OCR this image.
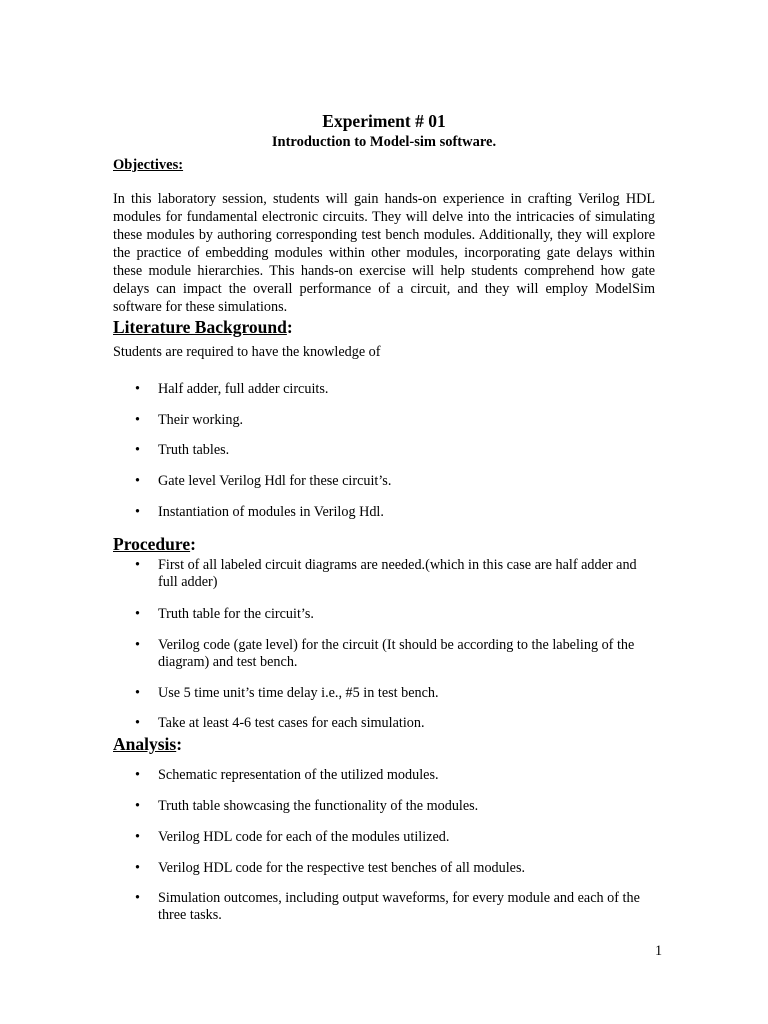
Experiment # 01
Introduction to Model-sim software.
Objectives:

In this laboratory session, students will gain hands-on experience in crafting Verilog HDL modules for fundamental electronic circuits. They will delve into the intricacies of simulating these modules by authoring corresponding test bench modules. Additionally, they will explore the practice of embedding modules within other modules, incorporating gate delays within these module hierarchies. This hands-on exercise will help students comprehend how gate delays can impact the overall performance of a circuit, and they will employ ModelSim software for these simulations.

Literature Background:
Students are required to have the knowledge of
•	Half adder, full adder circuits.
•	Their working.
•	Truth tables.
•	Gate level Verilog Hdl for these circuit’s.
•	Instantiation of modules in Verilog Hdl.
Procedure:
•	First of all labeled circuit diagrams are needed.(which in this case are half adder and full adder)
•	Truth table for the circuit’s.
•	Verilog code (gate level) for the circuit (It should be according to the labeling of the diagram) and test bench.
•	Use 5 time unit’s time delay i.e., #5 in test bench.
•	Take at least 4-6 test cases for each simulation.
Analysis:
•	Schematic representation of the utilized modules.
•	Truth table showcasing the functionality of the modules.
•	Verilog HDL code for each of the modules utilized.
•	Verilog HDL code for the respective test benches of all modules.
•	Simulation outcomes, including output waveforms, for every module and each of the three tasks.
1
